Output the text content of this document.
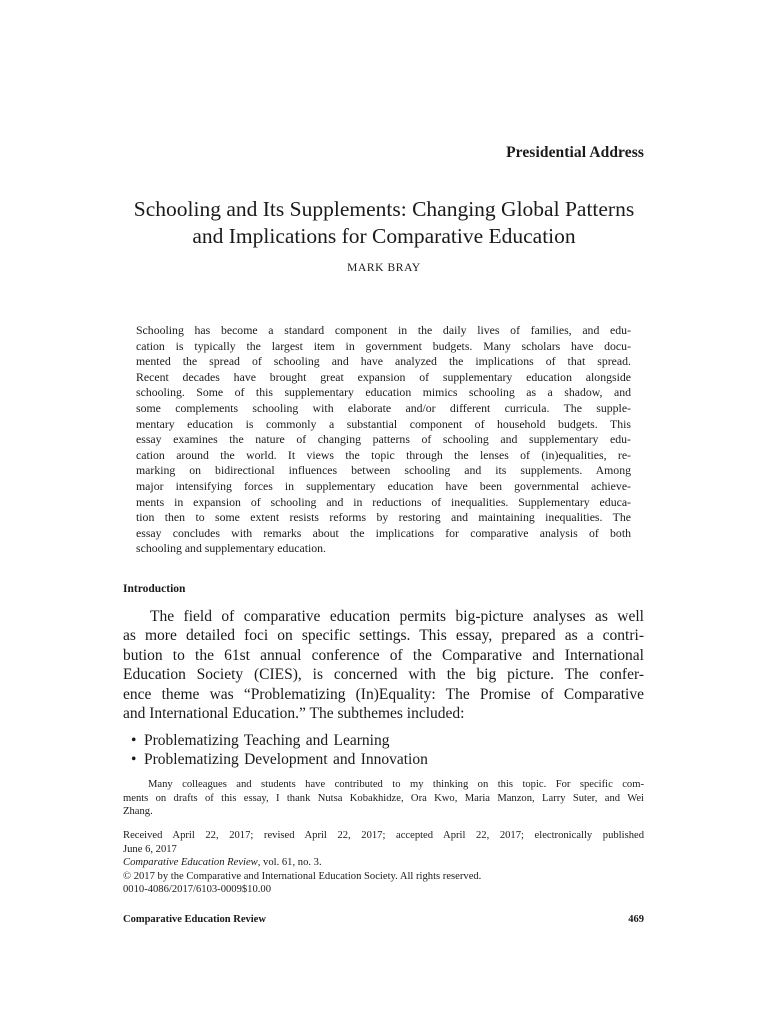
Presidential Address
Schooling and Its Supplements: Changing Global Patterns
and Implications for Comparative Education
MARK BRAY
Schooling has become a standard component in the daily lives of families, and edu-
cation is typically the largest item in government budgets. Many scholars have docu-
mented the spread of schooling and have analyzed the implications of that spread.
Recent decades have brought great expansion of supplementary education alongside
schooling. Some of this supplementary education mimics schooling as a shadow, and
some complements schooling with elaborate and/or different curricula. The supple-
mentary education is commonly a substantial component of household budgets. This
essay examines the nature of changing patterns of schooling and supplementary edu-
cation around the world. It views the topic through the lenses of (in)equalities, re-
marking on bidirectional influences between schooling and its supplements. Among
major intensifying forces in supplementary education have been governmental achieve-
ments in expansion of schooling and in reductions of inequalities. Supplementary educa-
tion then to some extent resists reforms by restoring and maintaining inequalities. The
essay concludes with remarks about the implications for comparative analysis of both
schooling and supplementary education.
Introduction
The field of comparative education permits big-picture analyses as well
as more detailed foci on specific settings. This essay, prepared as a contri-
bution to the 61st annual conference of the Comparative and International
Education Society (CIES), is concerned with the big picture. The confer-
ence theme was “Problematizing (In)Equality: The Promise of Comparative
and International Education.” The subthemes included:
• Problematizing Teaching and Learning
• Problematizing Development and Innovation
Many colleagues and students have contributed to my thinking on this topic. For specific com-
ments on drafts of this essay, I thank Nutsa Kobakhidze, Ora Kwo, Maria Manzon, Larry Suter, and Wei
Zhang.
Received April 22, 2017; revised April 22, 2017; accepted April 22, 2017; electronically published
June 6, 2017
Comparative Education Review, vol. 61, no. 3.
© 2017 by the Comparative and International Education Society. All rights reserved.
0010-4086/2017/6103-0009$10.00
Comparative Education Review	469
